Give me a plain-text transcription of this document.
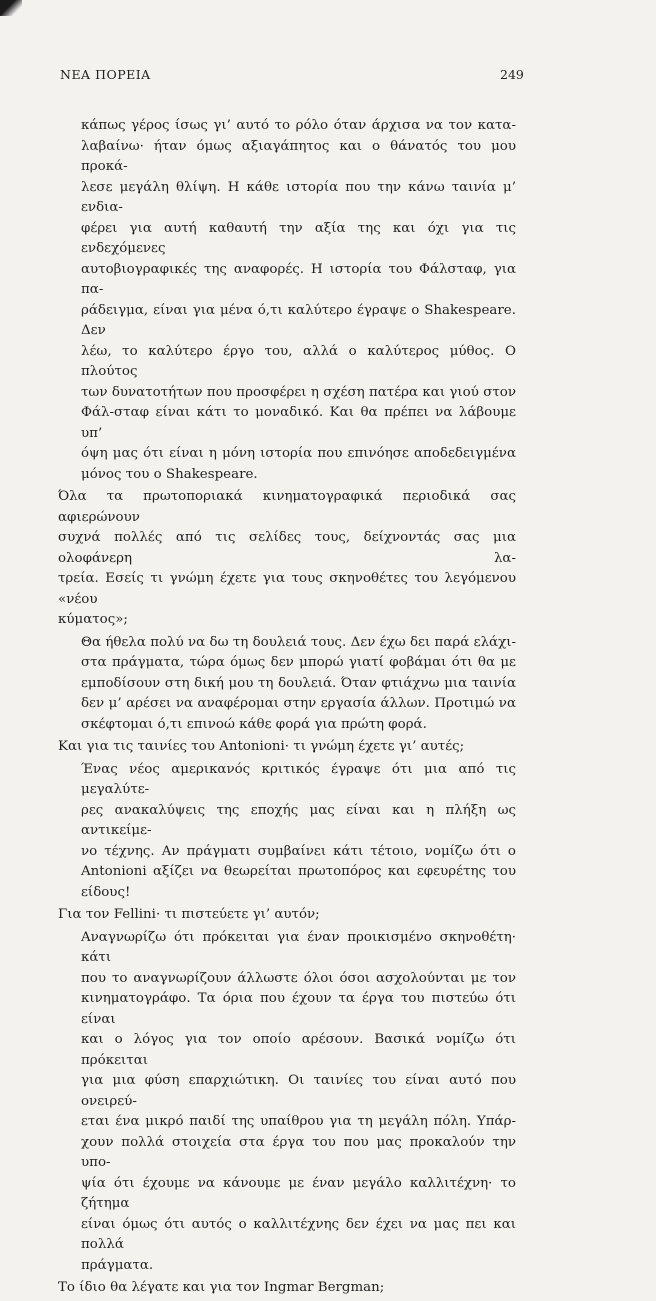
ΝΕΑ ΠΟΡΕΙΑ	249
κάπως γέρος ίσως γι’ αυτό το ρόλο όταν άρχισα να τον κατα-
λαβαίνω· ήταν όμως αξιαγάπητος και ο θάνατός του μου προκά-
λεσε μεγάλη θλίψη. Η κάθε ιστορία που την κάνω ταινία μ’ ενδια-
φέρει για αυτή καθαυτή την αξία της και όχι για τις ενδεχόμενες
αυτοβιογραφικές της αναφορές. Η ιστορία του Φάλσταφ, για πα-
ράδειγμα, είναι για μένα ό,τι καλύτερο έγραψε ο Shakespeare. Δεν
λέω, το καλύτερο έργο του, αλλά ο καλύτερος μύθος. Ο πλούτος
των δυνατοτήτων που προσφέρει η σχέση πατέρα και γιού στον
Φάλ-σταφ είναι κάτι το μοναδικό. Και θα πρέπει να λάβουμε υπ’
όψη μας ότι είναι η μόνη ιστορία που επινόησε αποδεδειγμένα
μόνος του ο Shakespeare.
Όλα τα πρωτοποριακά κινηματογραφικά περιοδικά σας αφιερώνουν
συχνά πολλές από τις σελίδες τους, δείχνοντάς σας μια ολοφάνερη λα-
τρεία. Εσείς τι γνώμη έχετε για τους σκηνοθέτες του λεγόμενου «νέου
κύματος»;
Θα ήθελα πολύ να δω τη δουλειά τους. Δεν έχω δει παρά ελάχι-
στα πράγματα, τώρα όμως δεν μπορώ γιατί φοβάμαι ότι θα με
εμποδίσουν στη δική μου τη δουλειά. Όταν φτιάχνω μια ταινία
δεν μ’ αρέσει να αναφέρομαι στην εργασία άλλων. Προτιμώ να
σκέφτομαι ό,τι επινοώ κάθε φορά για πρώτη φορά.
Και για τις ταινίες του Antonioni· τι γνώμη έχετε γι’ αυτές;
Ένας νέος αμερικανός κριτικός έγραψε ότι μια από τις μεγαλύτε-
ρες ανακαλύψεις της εποχής μας είναι και η πλήξη ως αντικείμε-
νο τέχνης. Αν πράγματι συμβαίνει κάτι τέτοιο, νομίζω ότι ο
Antonioni αξίζει να θεωρείται πρωτοπόρος και εφευρέτης του
είδους!
Για τον Fellini· τι πιστεύετε γι’ αυτόν;
Αναγνωρίζω ότι πρόκειται για έναν προικισμένο σκηνοθέτη· κάτι
που το αναγνωρίζουν άλλωστε όλοι όσοι ασχολούνται με τον
κινηματογράφο. Τα όρια που έχουν τα έργα του πιστεύω ότι είναι
και ο λόγος για τον οποίο αρέσουν. Βασικά νομίζω ότι πρόκειται
για μια φύση επαρχιώτικη. Οι ταινίες του είναι αυτό που ονειρεύ-
εται ένα μικρό παιδί της υπαίθρου για τη μεγάλη πόλη. Υπάρ-
χουν πολλά στοιχεία στα έργα του που μας προκαλούν την υπο-
ψία ότι έχουμε να κάνουμε με έναν μεγάλο καλλιτέχνη· το ζήτημα
είναι όμως ότι αυτός ο καλλιτέχνης δεν έχει να μας πει και πολλά
πράγματα.
Το ίδιο θα λέγατε και για τον Ingmar Bergman;
